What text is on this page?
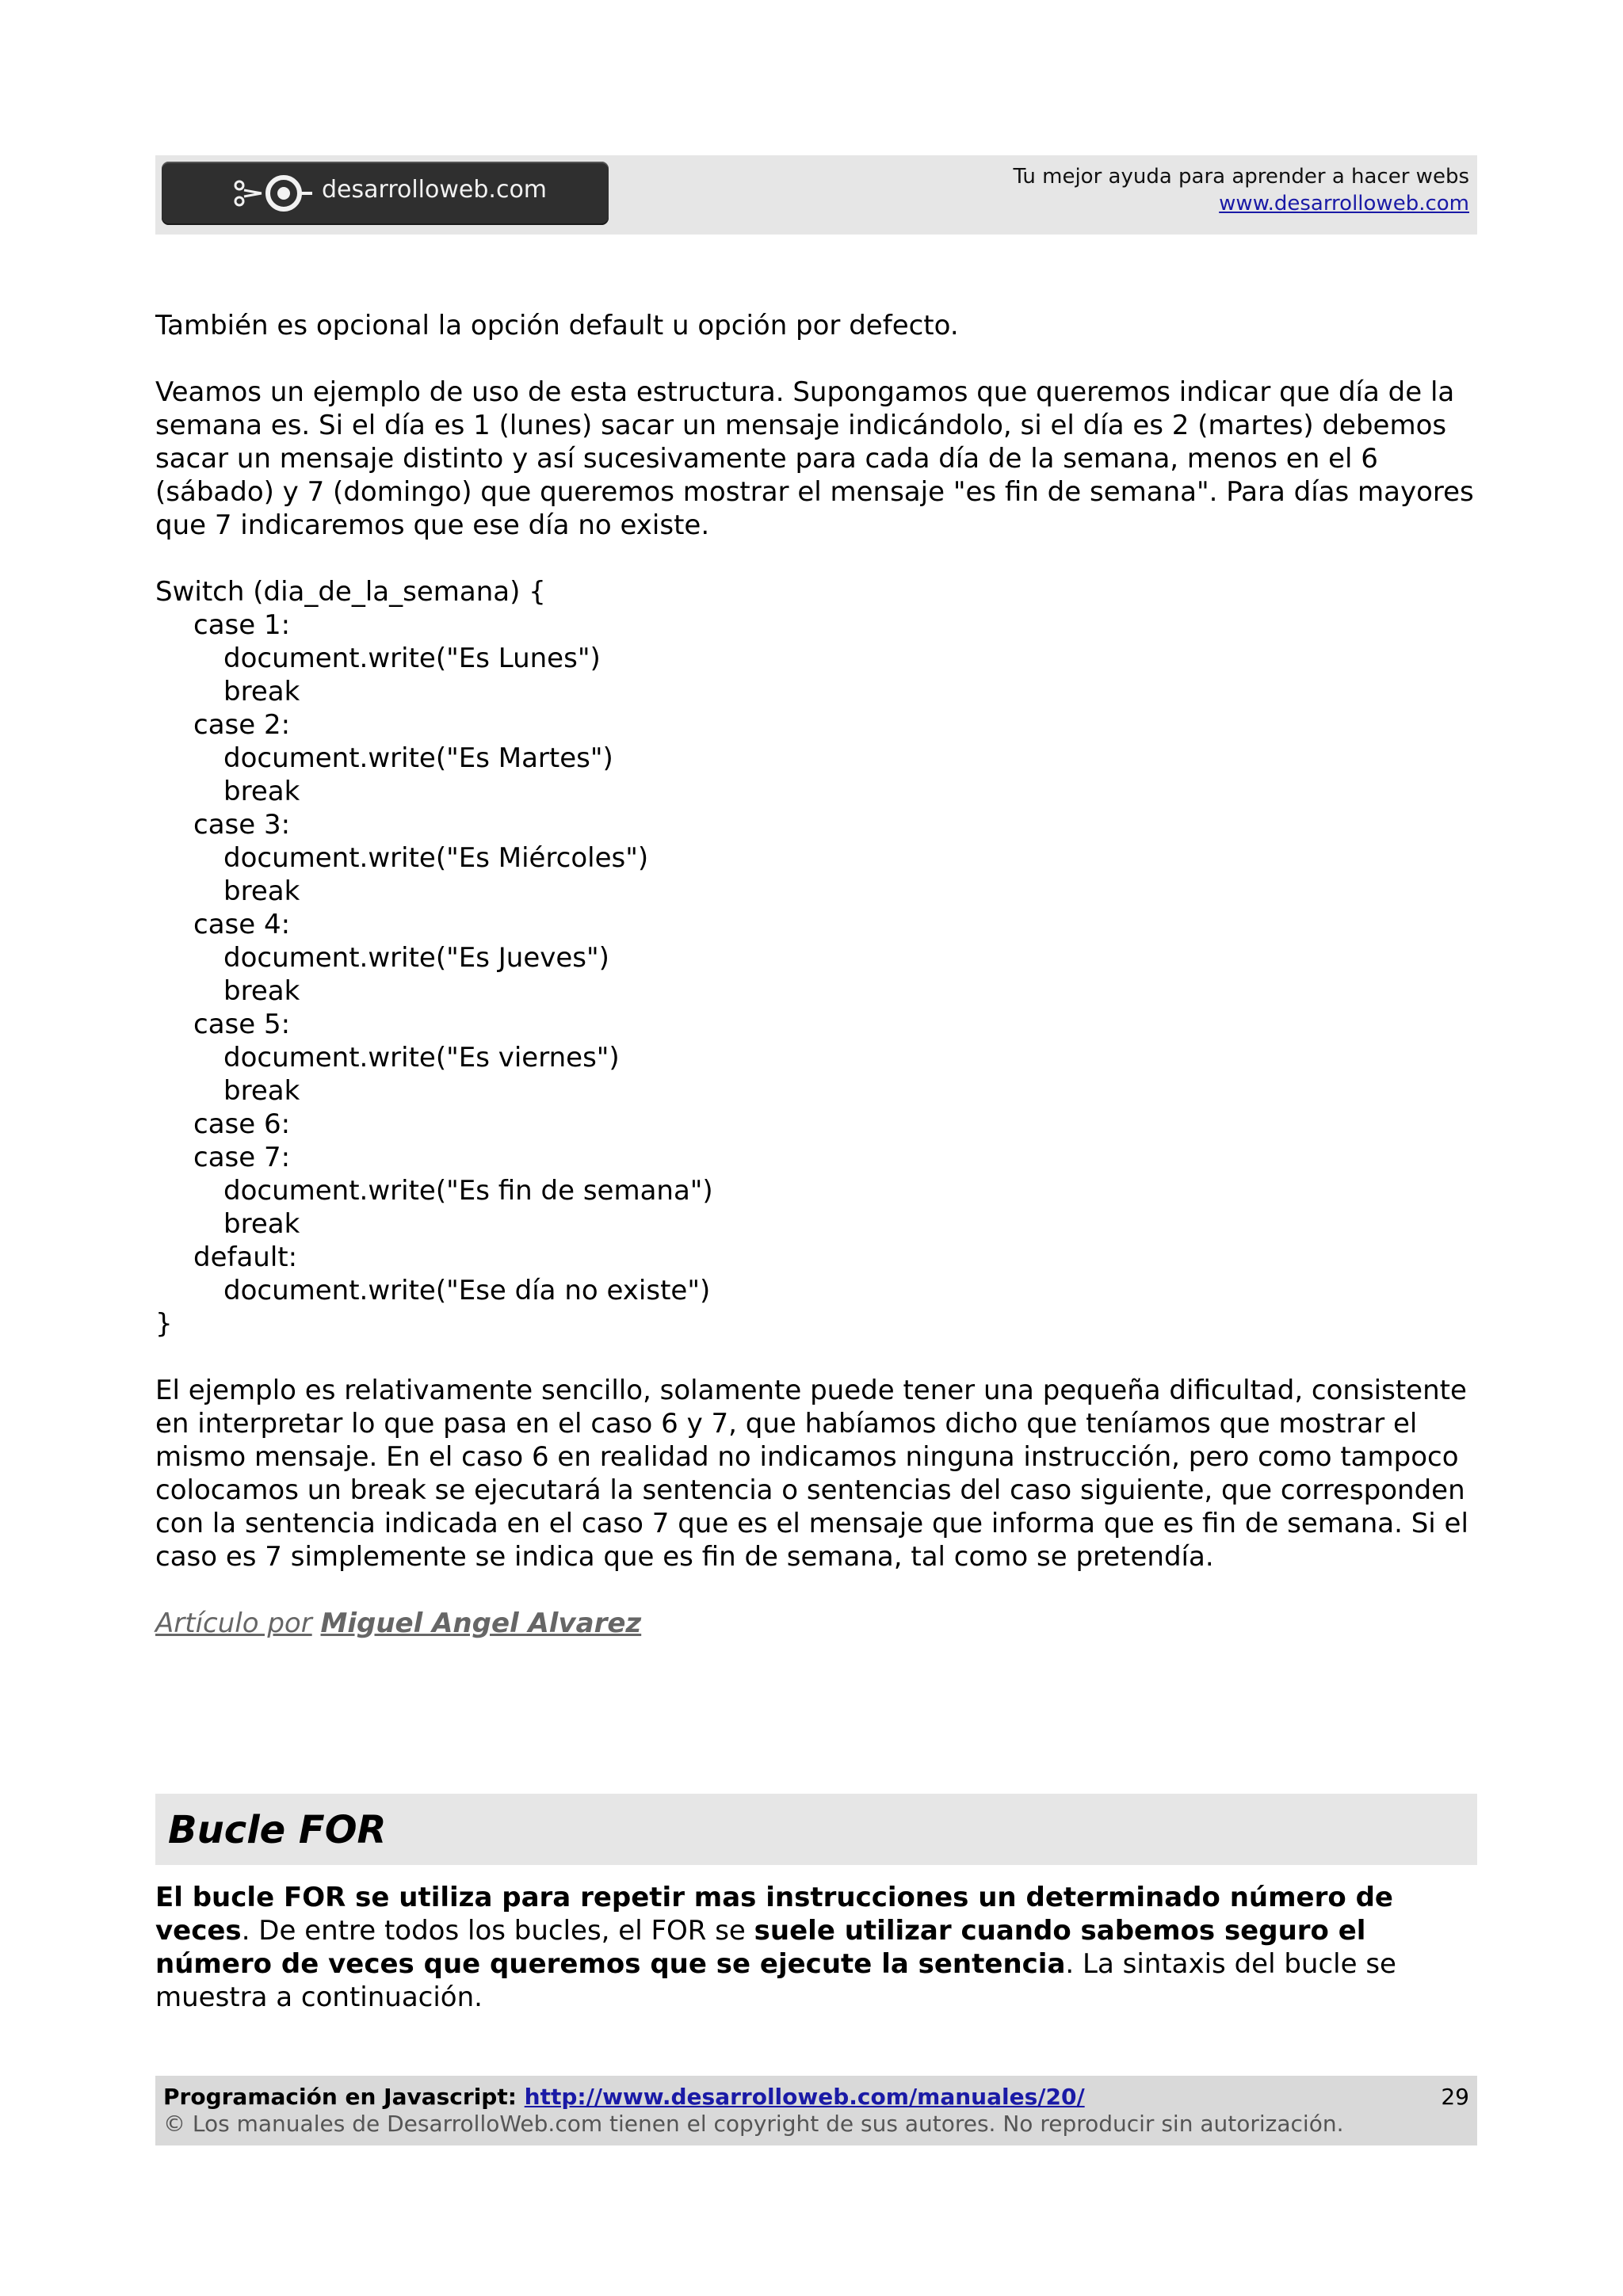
desarrolloweb.com	Tu mejor ayuda para aprender a hacer webs
www.desarrolloweb.com

También es opcional la opción default u opción por defecto.

Veamos un ejemplo de uso de esta estructura. Supongamos que queremos indicar que día de la semana es. Si el día es 1 (lunes) sacar un mensaje indicándolo, si el día es 2 (martes) debemos sacar un mensaje distinto y así sucesivamente para cada día de la semana, menos en el 6 (sábado) y 7 (domingo) que queremos mostrar el mensaje "es fin de semana". Para días mayores que 7 indicaremos que ese día no existe.

Switch (dia_de_la_semana) {
case 1:
document.write("Es Lunes")
break
case 2:
document.write("Es Martes")
break
case 3:
document.write("Es Miércoles")
break
case 4:
document.write("Es Jueves")
break
case 5:
document.write("Es viernes")
break
case 6:
case 7:
document.write("Es fin de semana")
break
default:
document.write("Ese día no existe")
}

El ejemplo es relativamente sencillo, solamente puede tener una pequeña dificultad, consistente en interpretar lo que pasa en el caso 6 y 7, que habíamos dicho que teníamos que mostrar el mismo mensaje. En el caso 6 en realidad no indicamos ninguna instrucción, pero como tampoco colocamos un break se ejecutará la sentencia o sentencias del caso siguiente, que corresponden con la sentencia indicada en el caso 7 que es el mensaje que informa que es fin de semana. Si el caso es 7 simplemente se indica que es fin de semana, tal como se pretendía.

Artículo por Miguel Angel Alvarez

Bucle FOR

El bucle FOR se utiliza para repetir mas instrucciones un determinado número de veces. De entre todos los bucles, el FOR se suele utilizar cuando sabemos seguro el número de veces que queremos que se ejecute la sentencia. La sintaxis del bucle se muestra a continuación.

Programación en Javascript: http://www.desarrolloweb.com/manuales/20/
© Los manuales de DesarrolloWeb.com tienen el copyright de sus autores. No reproducir sin autorización.
29
